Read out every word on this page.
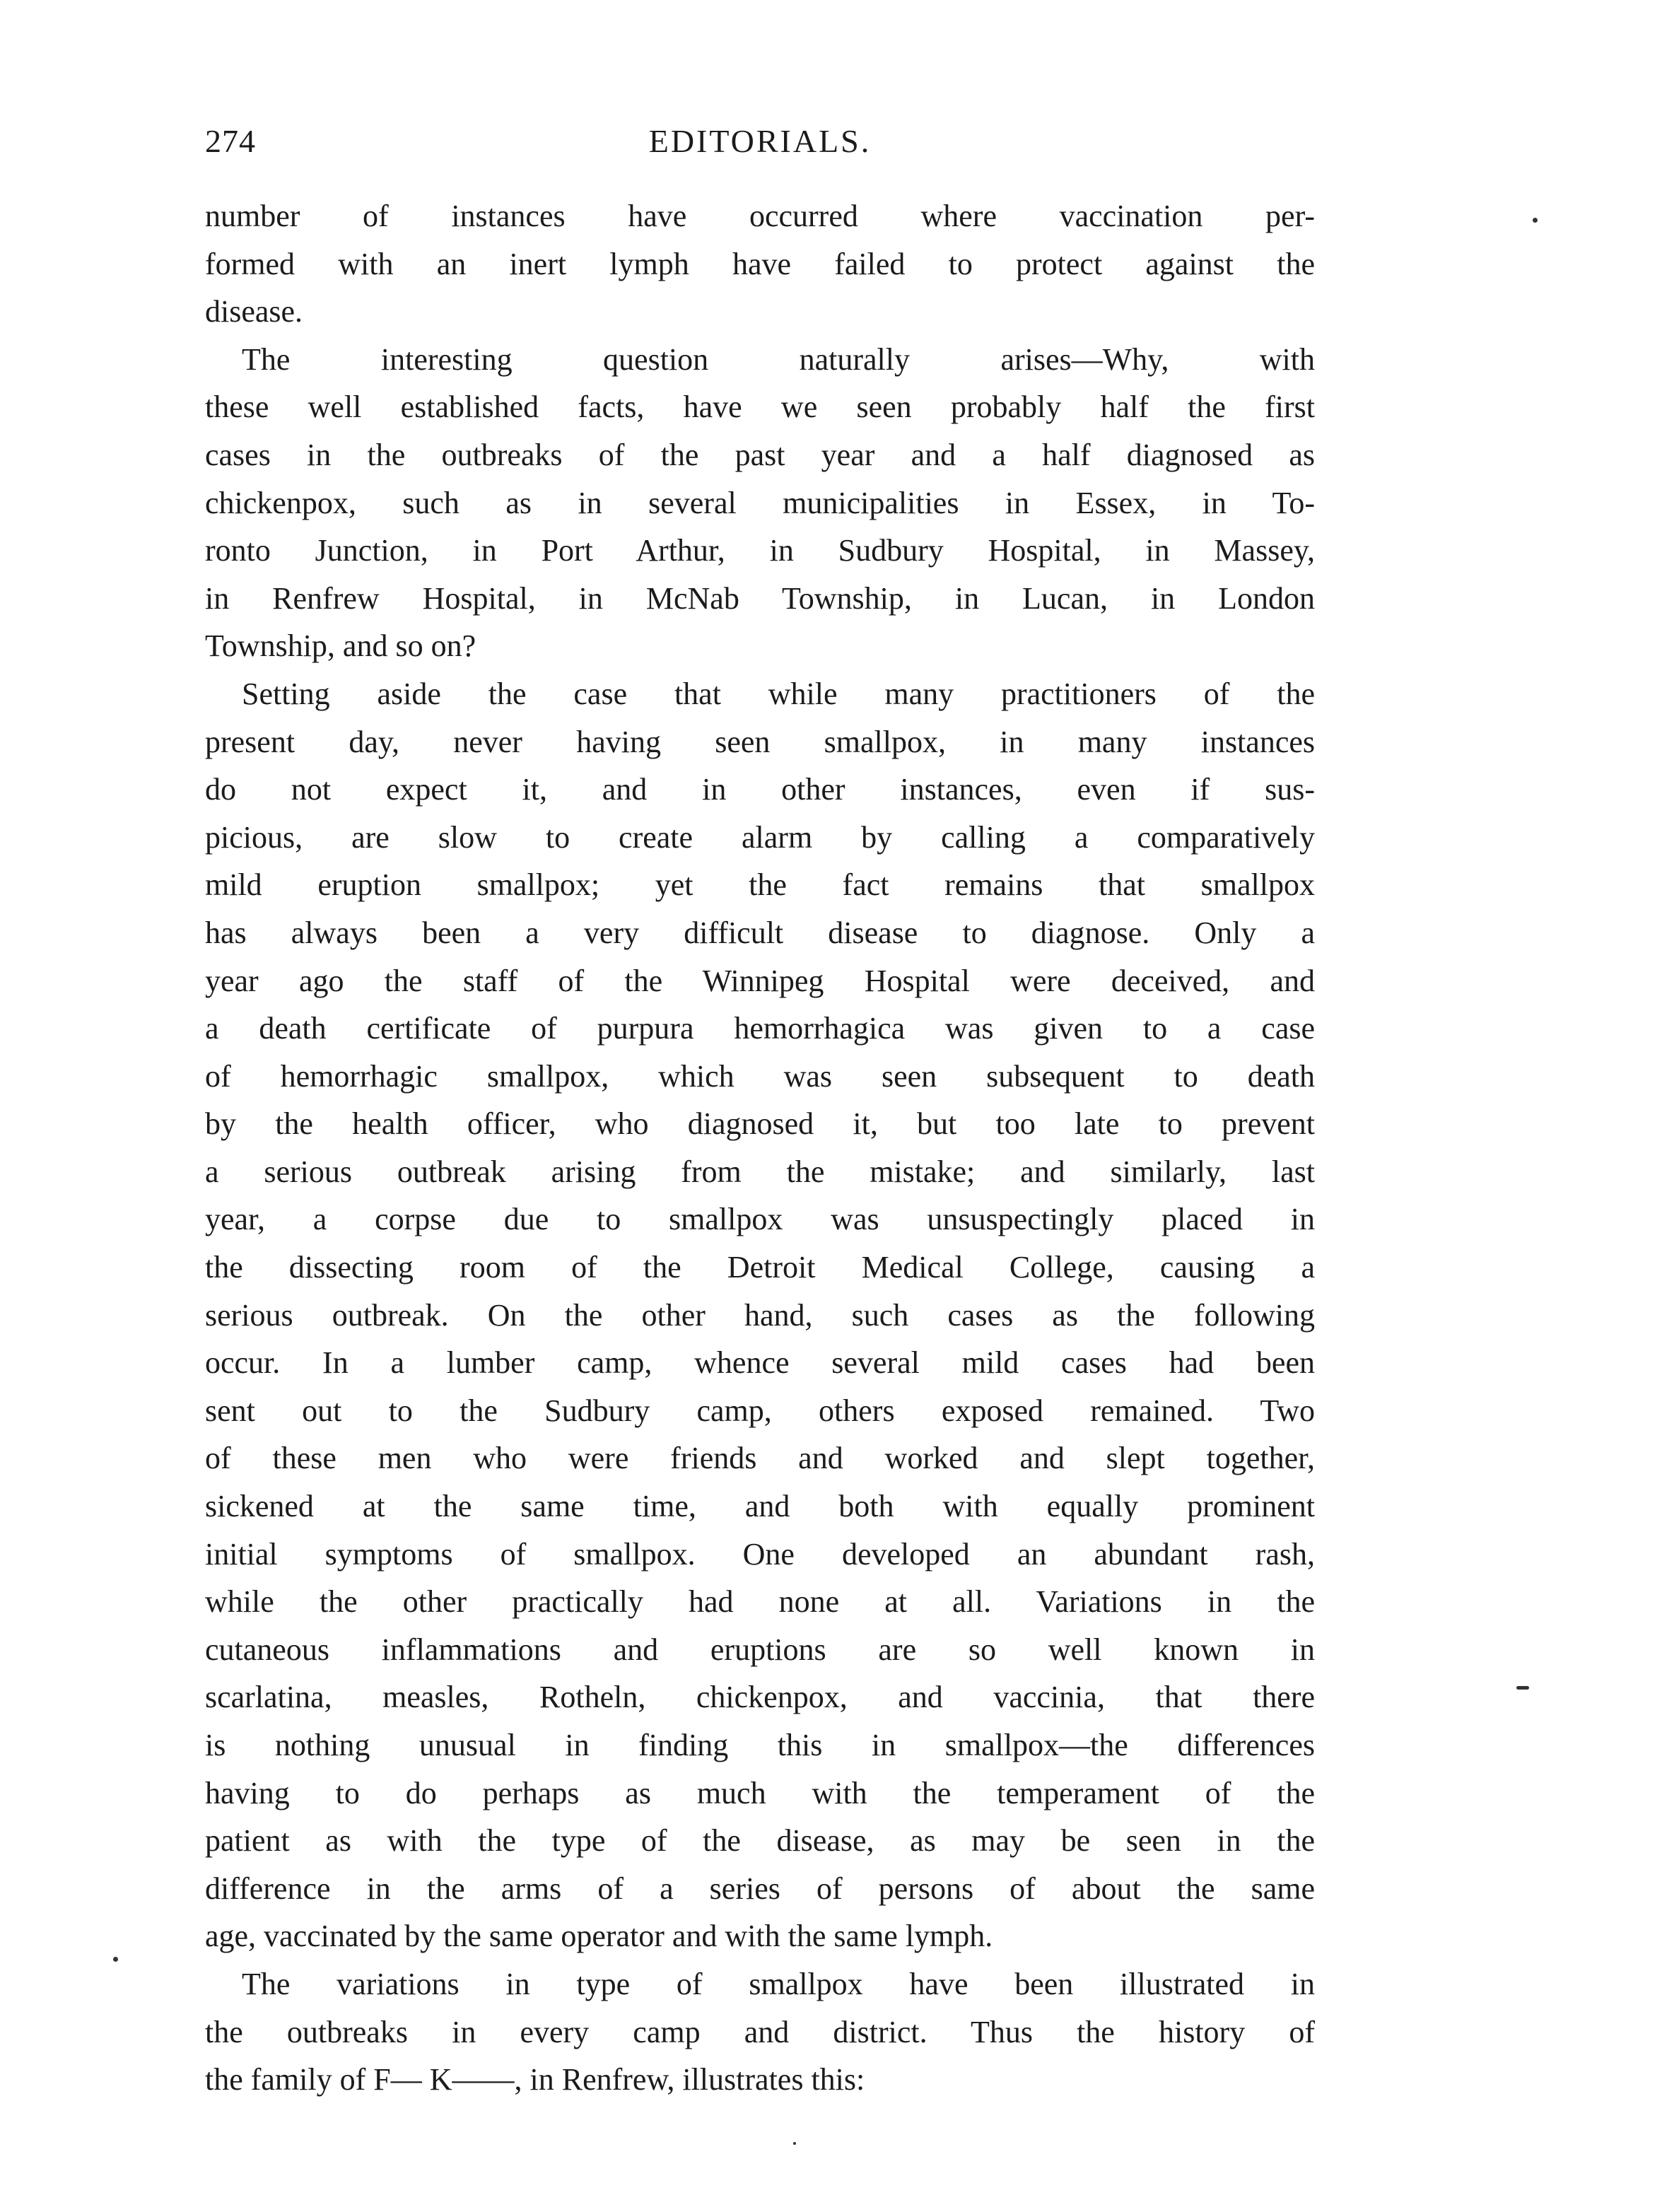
274	EDITORIALS.
number of instances have occurred where vaccination per-
formed with an inert lymph have failed to protect against the
disease.
The interesting question naturally arises—Why, with
these well established facts, have we seen probably half the first
cases in the outbreaks of the past year and a half diagnosed as
chickenpox, such as in several municipalities in Essex, in To-
ronto Junction, in Port Arthur, in Sudbury Hospital, in Massey,
in Renfrew Hospital, in McNab Township, in Lucan, in London
Township, and so on?
Setting aside the case that while many practitioners of the
present day, never having seen smallpox, in many instances
do not expect it, and in other instances, even if sus-
picious, are slow to create alarm by calling a comparatively
mild eruption smallpox; yet the fact remains that smallpox
has always been a very difficult disease to diagnose. Only a
year ago the staff of the Winnipeg Hospital were deceived, and
a death certificate of purpura hemorrhagica was given to a case
of hemorrhagic smallpox, which was seen subsequent to death
by the health officer, who diagnosed it, but too late to prevent
a serious outbreak arising from the mistake; and similarly, last
year, a corpse due to smallpox was unsuspectingly placed in
the dissecting room of the Detroit Medical College, causing a
serious outbreak. On the other hand, such cases as the following
occur. In a lumber camp, whence several mild cases had been
sent out to the Sudbury camp, others exposed remained. Two
of these men who were friends and worked and slept together,
sickened at the same time, and both with equally prominent
initial symptoms of smallpox. One developed an abundant rash,
while the other practically had none at all. Variations in the
cutaneous inflammations and eruptions are so well known in
scarlatina, measles, Rotheln, chickenpox, and vaccinia, that there
is nothing unusual in finding this in smallpox—the differences
having to do perhaps as much with the temperament of the
patient as with the type of the disease, as may be seen in the
difference in the arms of a series of persons of about the same
age, vaccinated by the same operator and with the same lymph.
The variations in type of smallpox have been illustrated in
the outbreaks in every camp and district. Thus the history of
the family of F— K——, in Renfrew, illustrates this:
